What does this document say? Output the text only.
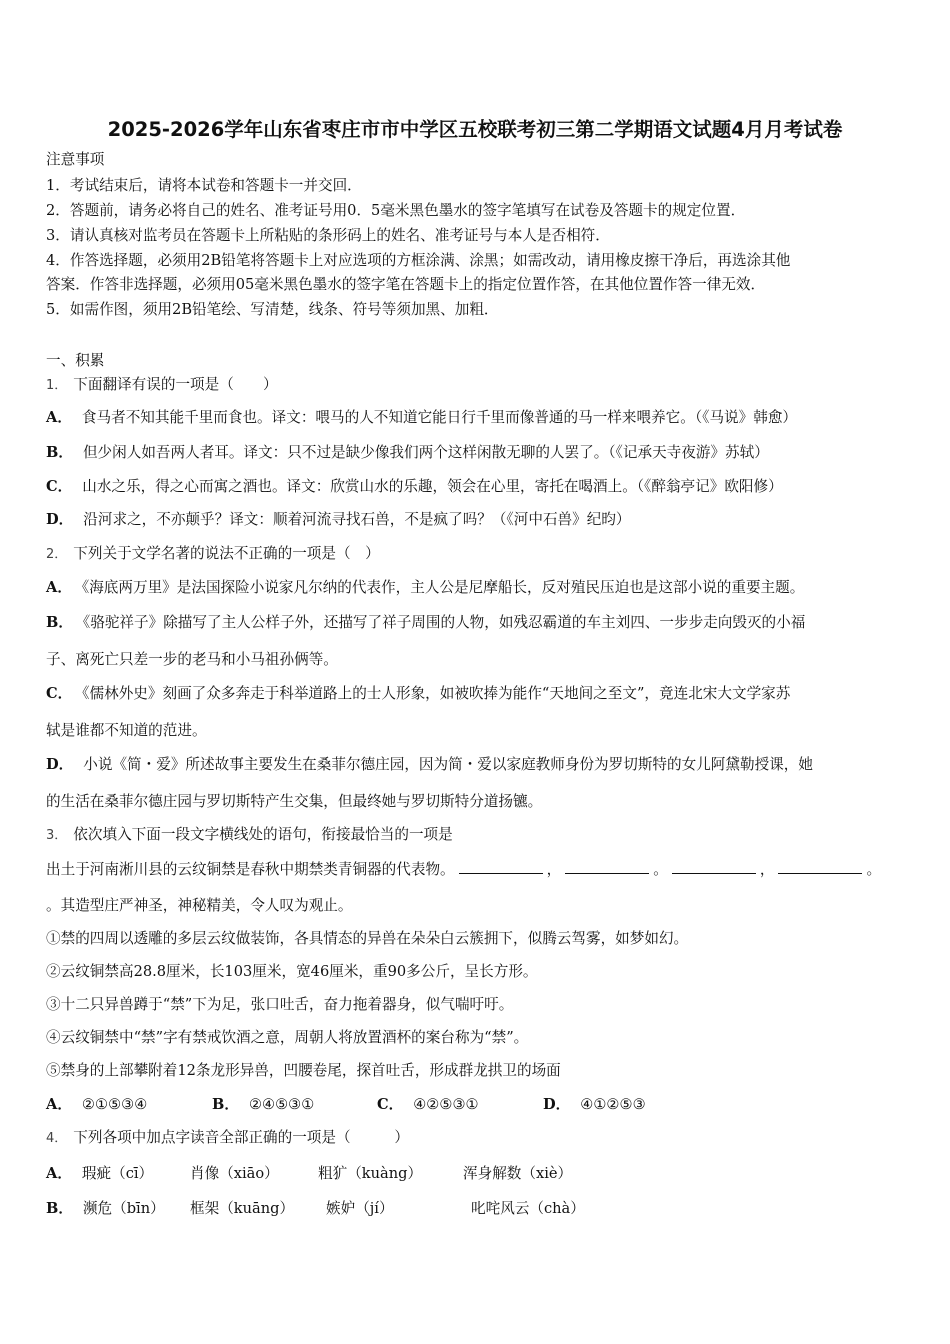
2025-2026学年山东省枣庄市市中学区五校联考初三第二学期语文试题4月月考试卷
注意事项
1．考试结束后，请将本试卷和答题卡一并交回．
2．答题前，请务必将自己的姓名、准考证号用0．5毫米黑色墨水的签字笔填写在试卷及答题卡的规定位置．
3．请认真核对监考员在答题卡上所粘贴的条形码上的姓名、准考证号与本人是否相符．
4．作答选择题，必须用2B铅笔将答题卡上对应选项的方框涂满、涂黑；如需改动，请用橡皮擦干净后，再选涂其他
答案．作答非选择题，必须用05毫米黑色墨水的签字笔在答题卡上的指定位置作答，在其他位置作答一律无效．
5．如需作图，须用2B铅笔绘、写清楚，线条、符号等须加黑、加粗．
一、积累
1． 下面翻译有误的一项是（　　）
A． 食马者不知其能千里而食也。译文：喂马的人不知道它能日行千里而像普通的马一样来喂养它。（《马说》韩愈）
B． 但少闲人如吾两人者耳。译文：只不过是缺少像我们两个这样闲散无聊的人罢了。（《记承天寺夜游》苏轼）
C． 山水之乐，得之心而寓之酒也。译文：欣赏山水的乐趣，领会在心里，寄托在喝酒上。（《醉翁亭记》欧阳修）
D． 沿河求之，不亦颠乎？译文：顺着河流寻找石兽，不是疯了吗？（《河中石兽》纪昀）
2． 下列关于文学名著的说法不正确的一项是（　）
A． 《海底两万里》是法国探险小说家凡尔纳的代表作，主人公是尼摩船长，反对殖民压迫也是这部小说的重要主题。
B． 《骆驼祥子》除描写了主人公样子外，还描写了祥子周围的人物，如残忍霸道的车主刘四、一步步走向毁灭的小福
子、离死亡只差一步的老马和小马祖孙俩等。
C． 《儒林外史》刻画了众多奔走于科举道路上的士人形象，如被吹捧为能作“天地间之至文”，竟连北宋大文学家苏
轼是谁都不知道的范进。
D． 小说《简・爱》所述故事主要发生在桑菲尔德庄园，因为简・爱以家庭教师身份为罗切斯特的女儿阿黛勒授课，她
的生活在桑菲尔德庄园与罗切斯特产生交集，但最终她与罗切斯特分道扬镳。
3． 依次填入下面一段文字横线处的语句，衔接最恰当的一项是
出土于河南淅川县的云纹铜禁是春秋中期禁类青铜器的代表物。	，	。	，	。
。其造型庄严神圣，神秘精美，令人叹为观止。
①禁的四周以透雕的多层云纹做装饰，各具情态的异兽在朵朵白云簇拥下，似腾云驾雾，如梦如幻。
②云纹铜禁高28.8厘米，长103厘米，宽46厘米，重90多公斤，呈长方形。
③十二只异兽蹲于“禁”下为足，张口吐舌，奋力拖着器身，似气喘吁吁。
④云纹铜禁中“禁”字有禁戒饮酒之意，周朝人将放置酒杯的案台称为“禁”。
⑤禁身的上部攀附着12条龙形异兽，凹腰卷尾，探首吐舌，形成群龙拱卫的场面
A． ②①⑤③④	B． ②④⑤③①	C． ④②⑤③①	D． ④①②⑤③
4． 下列各项中加点字读音全部正确的一项是（　　　）
A． 瑕疵（cī）	肖像（xiāo）	粗犷（kuàng）	浑身解数（xiè）
B． 濒危（bīn） 框架（kuāng） 嫉妒（jí）	叱咤风云（chà）
